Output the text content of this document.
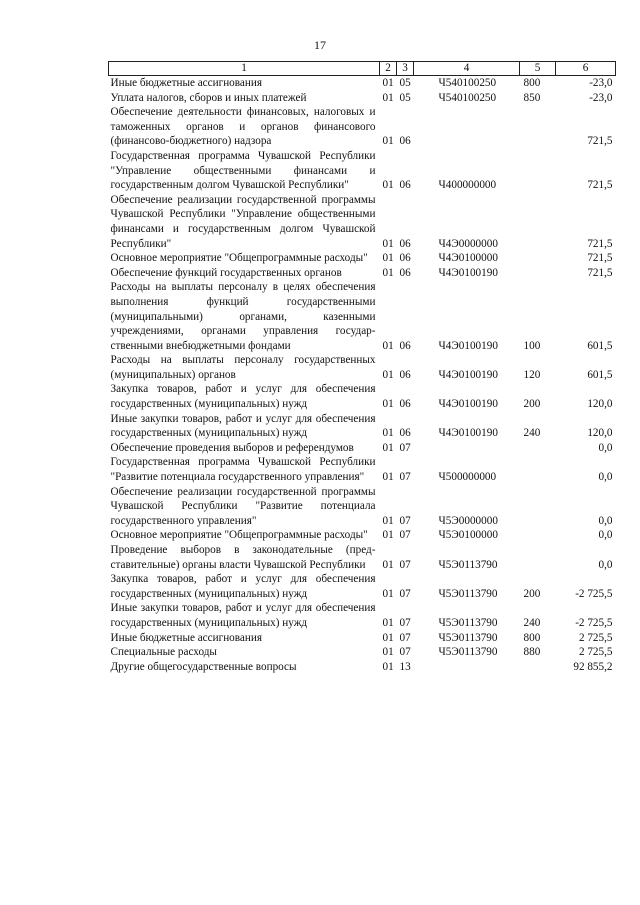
17
1	2	3	4	5	6
Иные бюджетные ассигнования	01	05	Ч540100250	800	-23,0
Уплата налогов, сборов и иных платежей	01	05	Ч540100250	850	-23,0
Обеспечение деятельности финансовых, налоговых и таможенных органов и органов финансового (финансово-бюджетного) надзора	01	06			721,5
Государственная программа Чувашской Республики "Управление общественными финансами и государственным долгом Чувашской Республики"	01	06	Ч400000000		721,5
Обеспечение реализации государственной программы Чувашской Республики "Управление общественными финансами и государственным долгом Чувашской Республики"	01	06	Ч4Э0000000		721,5
Основное мероприятие "Общепрограммные расходы"	01	06	Ч4Э0100000		721,5
Обеспечение функций государственных органов	01	06	Ч4Э0100190		721,5
Расходы на выплаты персоналу в целях обеспечения выполнения функций государственными (муниципальными) органами, казенными учреждениями, органами управления государственными внебюджетными фондами	01	06	Ч4Э0100190	100	601,5
Расходы на выплаты персоналу государственных (муниципальных) органов	01	06	Ч4Э0100190	120	601,5
Закупка товаров, работ и услуг для обеспечения государственных (муниципальных) нужд	01	06	Ч4Э0100190	200	120,0
Иные закупки товаров, работ и услуг для обеспечения государственных (муниципальных) нужд	01	06	Ч4Э0100190	240	120,0
Обеспечение проведения выборов и референдумов	01	07			0,0
Государственная программа Чувашской Республики "Развитие потенциала государственного управления"	01	07	Ч500000000		0,0
Обеспечение реализации государственной программы Чувашской Республики "Развитие потенциала государственного управления"	01	07	Ч5Э0000000		0,0
Основное мероприятие "Общепрограммные расходы"	01	07	Ч5Э0100000		0,0
Проведение выборов в законодательные (представительные) органы власти Чувашской Республики	01	07	Ч5Э0113790		0,0
Закупка товаров, работ и услуг для обеспечения государственных (муниципальных) нужд	01	07	Ч5Э0113790	200	-2 725,5
Иные закупки товаров, работ и услуг для обеспечения государственных (муниципальных) нужд	01	07	Ч5Э0113790	240	-2 725,5
Иные бюджетные ассигнования	01	07	Ч5Э0113790	800	2 725,5
Специальные расходы	01	07	Ч5Э0113790	880	2 725,5
Другие общегосударственные вопросы	01	13			92 855,2
